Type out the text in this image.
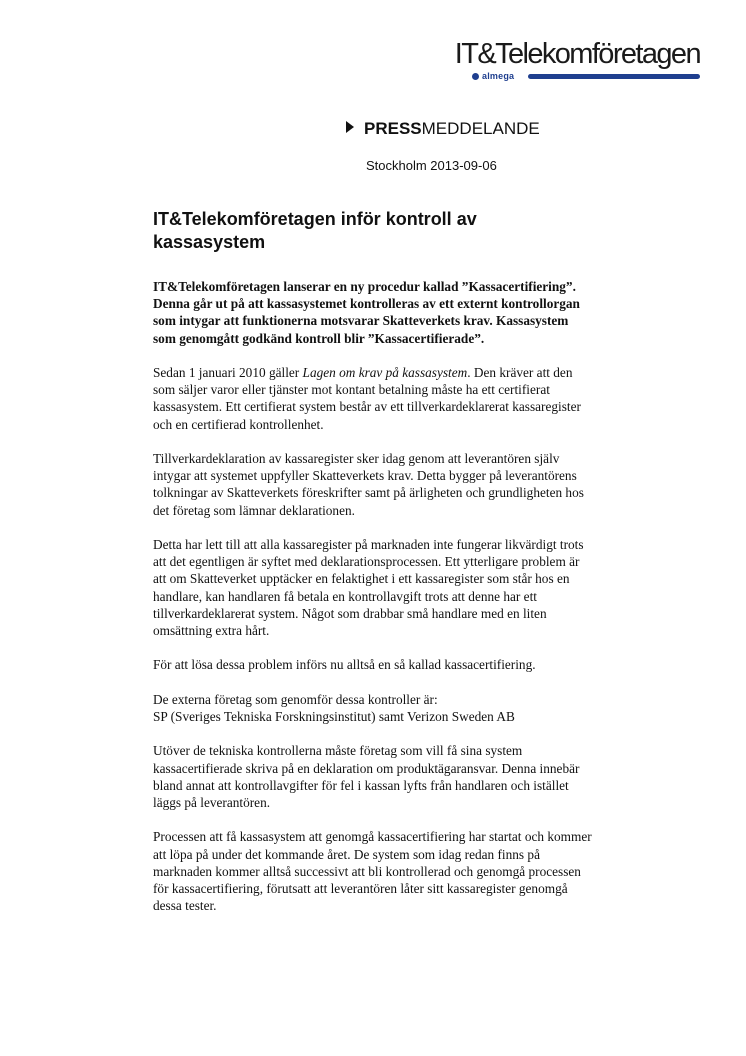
IT&Telekomföretagen
almega
PRESSMEDDELANDE
Stockholm 2013-09-06
IT&Telekomföretagen inför kontroll av kassasystem

IT&Telekomföretagen lanserar en ny procedur kallad ”Kassacertifiering”. Denna går ut på att kassasystemet kontrolleras av ett externt kontrollorgan som intygar att funktionerna motsvarar Skatteverkets krav. Kassasystem som genomgått godkänd kontroll blir ”Kassacertifierade”.

Sedan 1 januari 2010 gäller Lagen om krav på kassasystem. Den kräver att den som säljer varor eller tjänster mot kontant betalning måste ha ett certifierat kassasystem. Ett certifierat system består av ett tillverkardeklarerat kassaregister och en certifierad kontrollenhet.

Tillverkardeklaration av kassaregister sker idag genom att leverantören själv intygar att systemet uppfyller Skatteverkets krav. Detta bygger på leverantörens tolkningar av Skatteverkets föreskrifter samt på ärligheten och grundligheten hos det företag som lämnar deklarationen.

Detta har lett till att alla kassaregister på marknaden inte fungerar likvärdigt trots att det egentligen är syftet med deklarationsprocessen. Ett ytterligare problem är att om Skatteverket upptäcker en felaktighet i ett kassaregister som står hos en handlare, kan handlaren få betala en kontrollavgift trots att denne har ett tillverkardeklarerat system. Något som drabbar små handlare med en liten omsättning extra hårt.

För att lösa dessa problem införs nu alltså en så kallad kassacertifiering.

De externa företag som genomför dessa kontroller är:
SP (Sveriges Tekniska Forskningsinstitut) samt Verizon Sweden AB

Utöver de tekniska kontrollerna måste företag som vill få sina system kassacertifierade skriva på en deklaration om produktägaransvar. Denna innebär bland annat att kontrollavgifter för fel i kassan lyfts från handlaren och istället läggs på leverantören.

Processen att få kassasystem att genomgå kassacertifiering har startat och kommer att löpa på under det kommande året. De system som idag redan finns på marknaden kommer alltså successivt att bli kontrollerad och genomgå processen för kassacertifiering, förutsatt att leverantören låter sitt kassaregister genomgå dessa tester.
